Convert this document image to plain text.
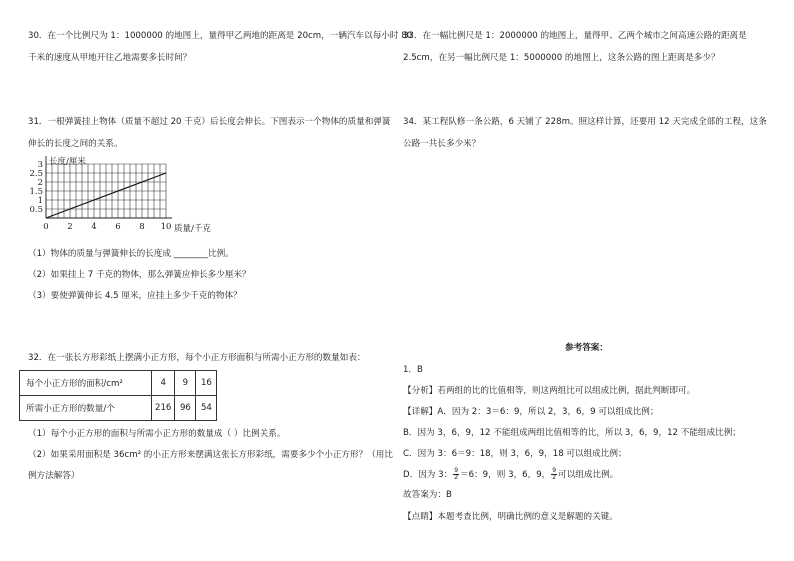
30．在一个比例尺为 1：1000000 的地图上，量得甲乙两地的距离是 20cm，一辆汽车以每小时 80
千米的速度从甲地开往乙地需要多长时间？
31．一根弹簧挂上物体（质量不超过 20 千克）后长度会伸长。下图表示一个物体的质量和弹簧
伸长的长度之间的关系。
0 2 4 6 8 10
0.5
1
1.5
2
2.5
3 长度/厘米
质量/千克
（1）物体的质量与弹簧伸长的长度成 ________比例。
（2）如果挂上 7 千克的物体，那么弹簧应伸长多少厘米？
（3）要使弹簧伸长 4.5 厘米，应挂上多少千克的物体？
32．在一张长方形彩纸上摆满小正方形，每个小正方形面积与所需小正方形的数量如表：
每个小正方形的面积/cm²	4	9	16
所需小正方形的数量/个	216	96	54
（1）每个小正方形的面积与所需小正方形的数量成（ ）比例关系。
（2）如果采用面积是 36cm² 的小正方形来摆满这张长方形彩纸，需要多少个小正方形？（用比
例方法解答）
33．在一幅比例尺是 1：2000000 的地图上，量得甲、乙两个城市之间高速公路的距离是
2.5cm，在另一幅比例尺是 1：5000000 的地图上，这条公路的图上距离是多少？
34．某工程队修一条公路，6 天铺了 228m。照这样计算，还要用 12 天完成全部的工程，这条
公路一共长多少米？
参考答案：
1．B
【分析】若两组的比的比值相等，则这两组比可以组成比例，据此判断即可。
【详解】A．因为 2：3＝6：9，所以 2，3，6，9 可以组成比例；
B．因为 3，6，9，12 不能组成两组比值相等的比，所以 3，6，9，12 不能组成比例；
C．因为 3：6＝9：18，则 3，6，9，18 可以组成比例；
D．因为 3： $\frac{9}{2} =6$：9，则 3，6，9， $\frac{9}{2}$ 可以组成比例。
故答案为：B
【点睛】本题考查比例，明确比例的意义是解题的关键。
